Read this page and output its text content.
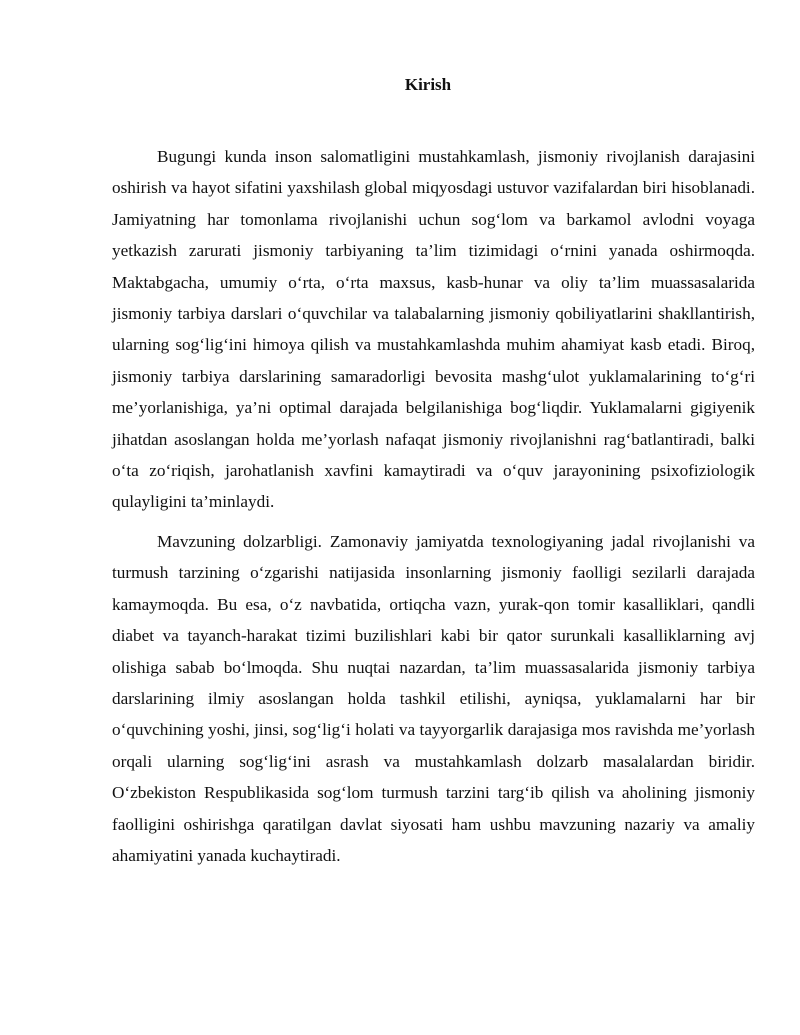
Kirish

Bugungi kunda inson salomatligini mustahkamlash, jismoniy rivojlanish darajasini oshirish va hayot sifatini yaxshilash global miqyosdagi ustuvor vazifalardan biri hisoblanadi. Jamiyatning har tomonlama rivojlanishi uchun sog‘lom va barkamol avlodni voyaga yetkazish zarurati jismoniy tarbiyaning ta’lim tizimidagi o‘rnini yanada oshirmoqda. Maktabgacha, umumiy o‘rta, o‘rta maxsus, kasb-hunar va oliy ta’lim muassasalarida jismoniy tarbiya darslari o‘quvchilar va talabalarning jismoniy qobiliyatlarini shakllantirish, ularning sog‘lig‘ini himoya qilish va mustahkamlashda muhim ahamiyat kasb etadi. Biroq, jismoniy tarbiya darslarining samaradorligi bevosita mashg‘ulot yuklamalarining to‘g‘ri me’yorlanishiga, ya’ni optimal darajada belgilanishiga bog‘liqdir. Yuklamalarni gigiyenik jihatdan asoslangan holda me’yorlash nafaqat jismoniy rivojlanishni rag‘batlantiradi, balki o‘ta zo‘riqish, jarohatlanish xavfini kamaytiradi va o‘quv jarayonining psixofiziologik qulayligini ta’minlaydi.

Mavzuning dolzarbligi. Zamonaviy jamiyatda texnologiyaning jadal rivojlanishi va turmush tarzining o‘zgarishi natijasida insonlarning jismoniy faolligi sezilarli darajada kamaymoqda. Bu esa, o‘z navbatida, ortiqcha vazn, yurak-qon tomir kasalliklari, qandli diabet va tayanch-harakat tizimi buzilishlari kabi bir qator surunkali kasalliklarning avj olishiga sabab bo‘lmoqda. Shu nuqtai nazardan, ta’lim muassasalarida jismoniy tarbiya darslarining ilmiy asoslangan holda tashkil etilishi, ayniqsa, yuklamalarni har bir o‘quvchining yoshi, jinsi, sog‘lig‘i holati va tayyorgarlik darajasiga mos ravishda me’yorlash orqali ularning sog‘lig‘ini asrash va mustahkamlash dolzarb masalalardan biridir. O‘zbekiston Respublikasida sog‘lom turmush tarzini targ‘ib qilish va aholining jismoniy faolligini oshirishga qaratilgan davlat siyosati ham ushbu mavzuning nazariy va amaliy ahamiyatini yanada kuchaytiradi.
